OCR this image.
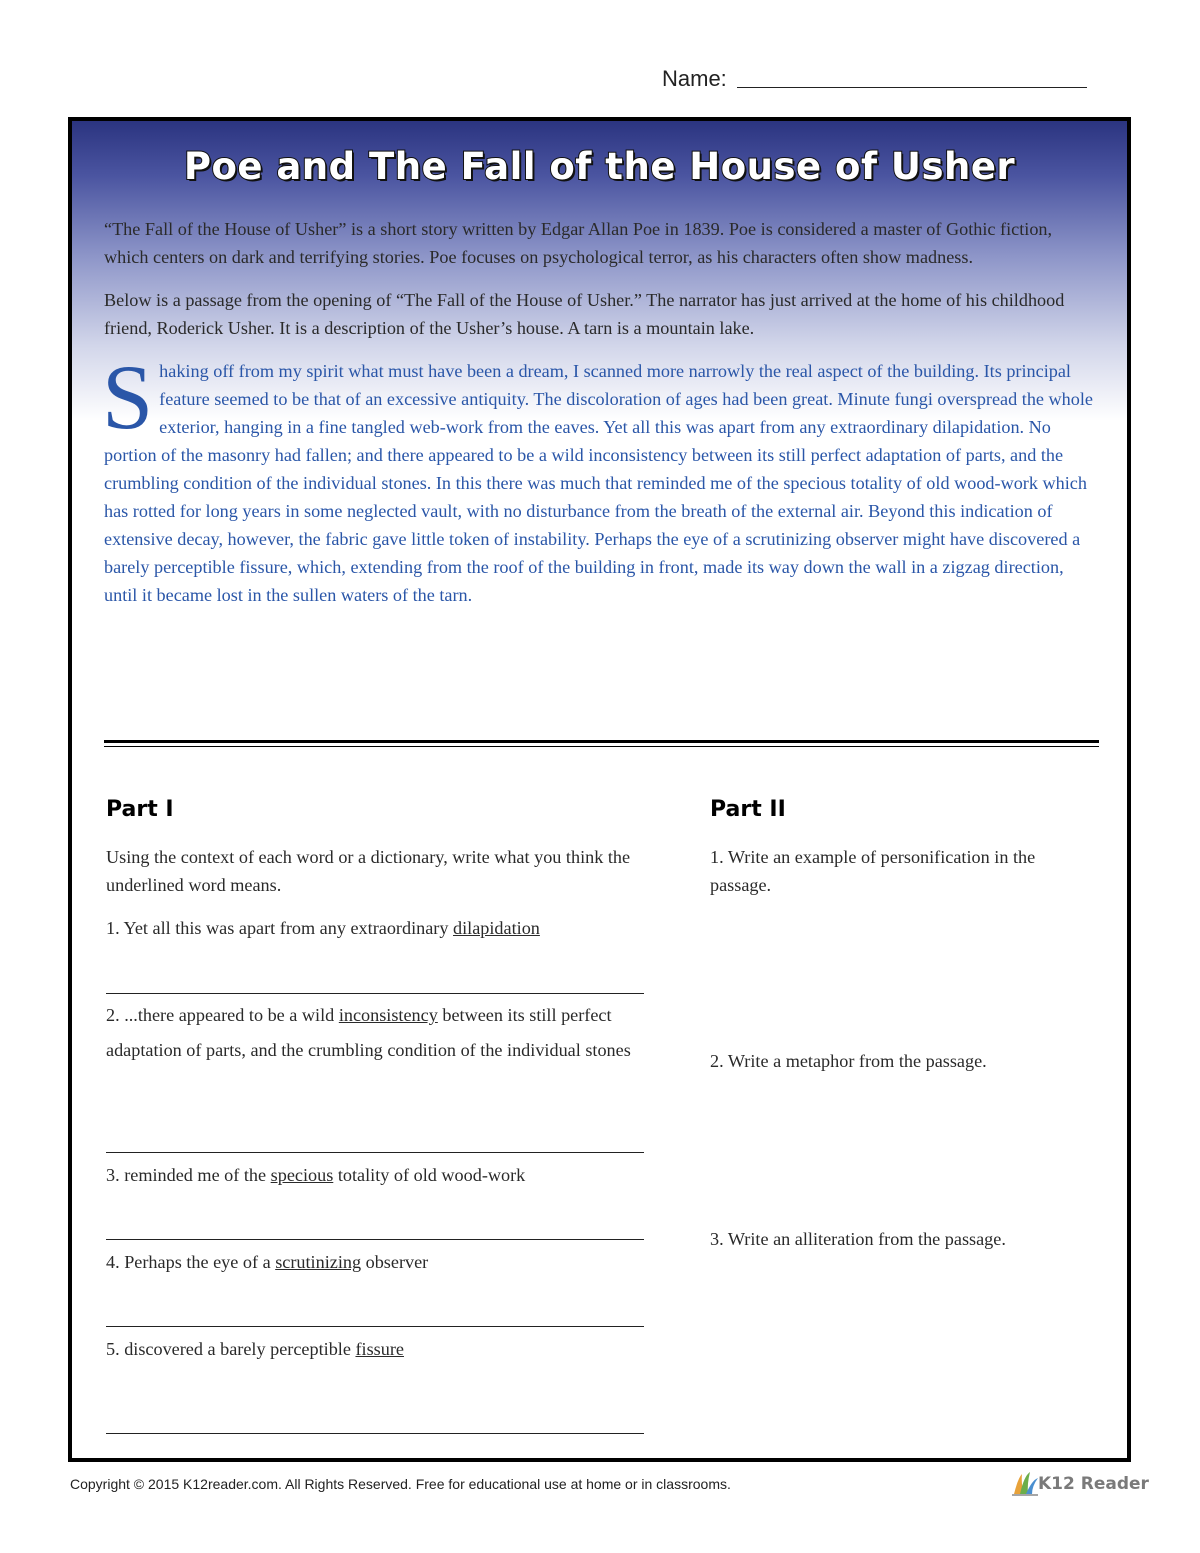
Name:
Poe and The Fall of the House of Usher

“The Fall of the House of Usher” is a short story written by Edgar Allan Poe in 1839. Poe is considered a master of Gothic fiction, which centers on dark and terrifying stories. Poe focuses on psychological terror, as his characters often show madness.

Below is a passage from the opening of “The Fall of the House of Usher.” The narrator has just arrived at the home of his childhood friend, Roderick Usher. It is a description of the Usher’s house. A tarn is a mountain lake.

Shaking off from my spirit what must have been a dream, I scanned more narrowly the real aspect of the building. Its principal feature seemed to be that of an excessive antiquity. The discoloration of ages had been great. Minute fungi overspread the whole exterior, hanging in a fine tangled web-work from the eaves. Yet all this was apart from any extraordinary dilapidation. No portion of the masonry had fallen; and there appeared to be a wild inconsistency between its still perfect adaptation of parts, and the crumbling condition of the individual stones. In this there was much that reminded me of the specious totality of old wood-work which has rotted for long years in some neglected vault, with no disturbance from the breath of the external air. Beyond this indication of extensive decay, however, the fabric gave little token of instability. Perhaps the eye of a scrutinizing observer might have discovered a barely perceptible fissure, which, extending from the roof of the building in front, made its way down the wall in a zigzag direction, until it became lost in the sullen waters of the tarn.

Part I
Using the context of each word or a dictionary, write what you think the underlined word means.
1. Yet all this was apart from any extraordinary dilapidation
2. ...there appeared to be a wild inconsistency between its still perfect adaptation of parts, and the crumbling condition of the individual stones
3. reminded me of the specious totality of old wood-work
4. Perhaps the eye of a scrutinizing observer
5. discovered a barely perceptible fissure
Part II
1. Write an example of personification in the passage.
2. Write a metaphor from the passage.
3. Write an alliteration from the passage.
Copyright © 2015 K12reader.com. All Rights Reserved. Free for educational use at home or in classrooms.	K12 Reader
